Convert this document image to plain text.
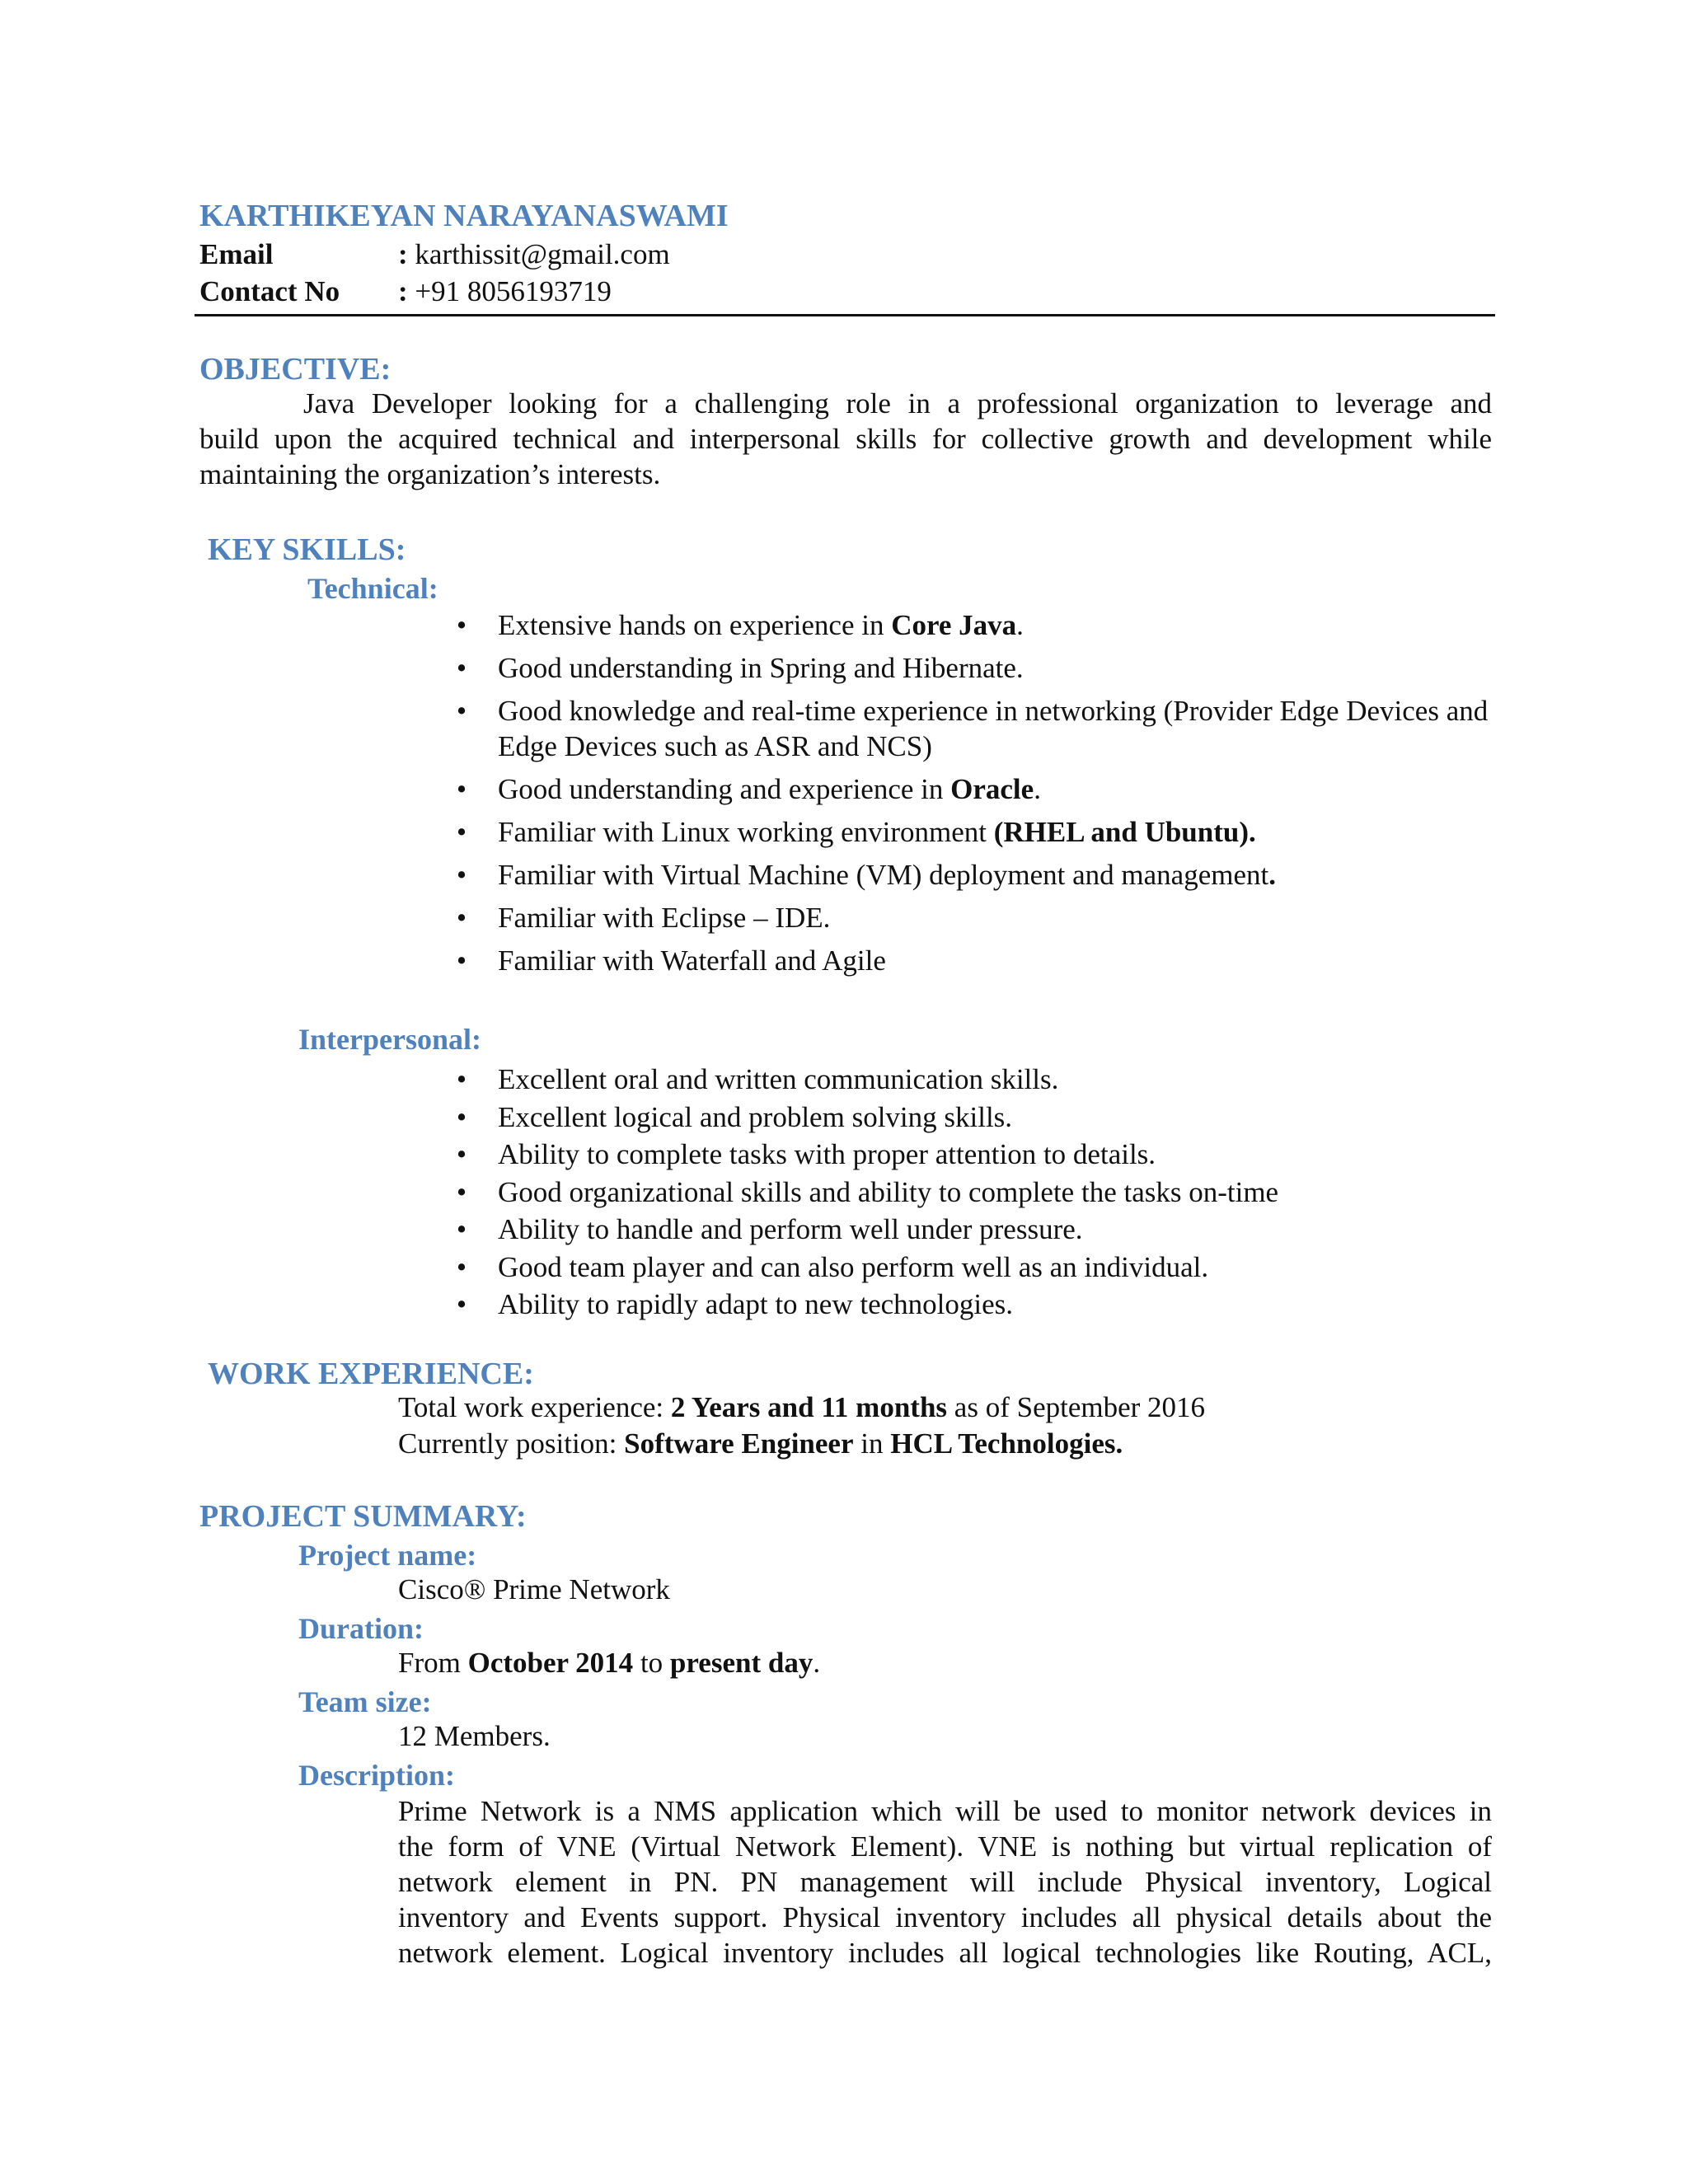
KARTHIKEYAN NARAYANASWAMI
Email	: karthissit@gmail.com
Contact No : +91 8056193719
OBJECTIVE:
Java Developer looking for a challenging role in a professional organization to leverage and
build upon the acquired technical and interpersonal skills for collective growth and development while
maintaining the organization’s interests.
KEY SKILLS:
Technical:
•	Extensive hands on experience in Core Java.
•	Good understanding in Spring and Hibernate.
•	Good knowledge and real-time experience in networking (Provider Edge Devices and Edge Devices such as ASR and NCS)
•	Good understanding and experience in Oracle.
•	Familiar with Linux working environment (RHEL and Ubuntu).
•	Familiar with Virtual Machine (VM) deployment and management.
•	Familiar with Eclipse – IDE.
•	Familiar with Waterfall and Agile
Interpersonal:
•	Excellent oral and written communication skills.
•	Excellent logical and problem solving skills.
•	Ability to complete tasks with proper attention to details.
•	Good organizational skills and ability to complete the tasks on-time
•	Ability to handle and perform well under pressure.
•	Good team player and can also perform well as an individual.
•	Ability to rapidly adapt to new technologies.
WORK EXPERIENCE:
Total work experience: 2 Years and 11 months as of September 2016
Currently position: Software Engineer in HCL Technologies.
PROJECT SUMMARY:
Project name:
Cisco® Prime Network
Duration:
From October 2014 to present day.
Team size:
12 Members.
Description:
Prime Network is a NMS application which will be used to monitor network devices in
the form of VNE (Virtual Network Element). VNE is nothing but virtual replication of
network element in PN. PN management will include Physical inventory, Logical
inventory and Events support. Physical inventory includes all physical details about the
network element. Logical inventory includes all logical technologies like Routing, ACL,
